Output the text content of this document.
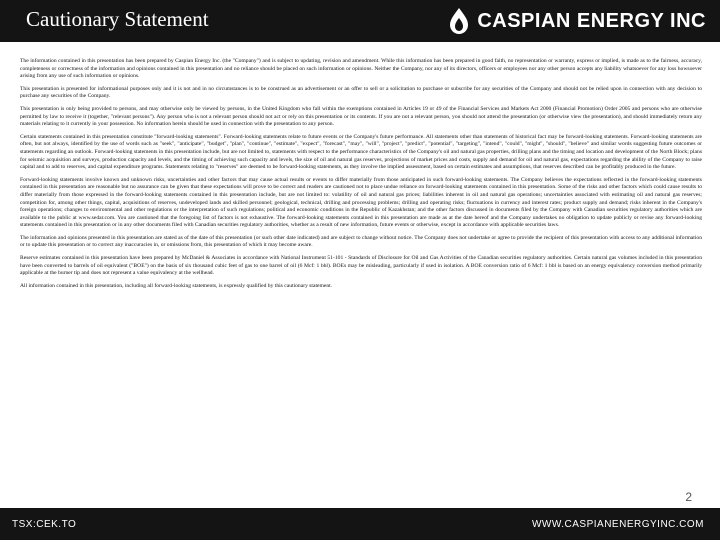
Cautionary Statement	CASPIAN ENERGY INC

The information contained in this presentation has been prepared by Caspian Energy Inc. (the "Company") and is subject to updating, revision and amendment. While this information has been prepared in good faith, no representation or warranty, express or implied, is made as to the fairness, accuracy, completeness or correctness of the information and opinions contained in this presentation and no reliance should be placed on such information or opinions. Neither the Company, nor any of its directors, officers or employees nor any other person accepts any liability whatsoever for any loss howsoever arising from any use of such information or opinions.

This presentation is presented for informational purposes only and it is not and in no circumstances is to be construed as an advertisement or an offer to sell or a solicitation to purchase or subscribe for any securities of the Company and should not be relied upon in connection with any decision to purchase any securities of the Company.

This presentation is only being provided to persons, and may otherwise only be viewed by persons, in the United Kingdom who fall within the exemptions contained in Articles 19 or 49 of the Financial Services and Markets Act 2000 (Financial Promotion) Order 2005 and persons who are otherwise permitted by law to receive it (together, "relevant persons"). Any person who is not a relevant person should not act or rely on this presentation or its contents. If you are not a relevant person, you should not attend the presentation (or otherwise view the presentation), and should immediately return any materials relating to it currently in your possession. No information herein should be used in connection with the presentation to any person.

Certain statements contained in this presentation constitute "forward-looking statements". Forward-looking statements relate to future events or the Company's future performance. All statements other than statements of historical fact may be forward-looking statements. Forward-looking statements are often, but not always, identified by the use of words such as "seek", "anticipate", "budget", "plan", "continue", "estimate", "expect", "forecast", "may", "will", "project", "predict", "potential", "targeting", "intend", "could", "might", "should", "believe" and similar words suggesting future outcomes or statements regarding an outlook. Forward-looking statements in this presentation include, but are not limited to, statements with respect to the performance characteristics of the Company's oil and natural gas properties, drilling plans and the timing and location and development of the North Block; plans for seismic acquisition and surveys, production capacity and levels, and the timing of achieving such capacity and levels, the size of oil and natural gas reserves, projections of market prices and costs, supply and demand for oil and natural gas, expectations regarding the ability of the Company to raise capital and to add to reserves, and capital expenditure programs. Statements relating to "reserves" are deemed to be forward-looking statements, as they involve the implied assessment, based on certain estimates and assumptions, that reserves described can be profitably produced in the future.

Forward-looking statements involve known and unknown risks, uncertainties and other factors that may cause actual results or events to differ materially from those anticipated in such forward-looking statements. The Company believes the expectations reflected in the forward-looking statements contained in this presentation are reasonable but no assurance can be given that these expectations will prove to be correct and readers are cautioned not to place undue reliance on forward-looking statements contained in this presentation. Some of the risks and other factors which could cause results to differ materially from those expressed in the forward-looking statements contained in this presentation include, but are not limited to: volatility of oil and natural gas prices; liabilities inherent in oil and natural gas operations; uncertainties associated with estimating oil and natural gas reserves; competition for, among other things, capital, acquisitions of reserves, undeveloped lands and skilled personnel; geological, technical, drilling and processing problems; drilling and operating risks; fluctuations in currency and interest rates; product supply and demand; risks inherent in the Company's foreign operations; changes to environmental and other regulations or the interpretation of such regulations; political and economic conditions in the Republic of Kazakhstan; and the other factors discussed in documents filed by the Company with Canadian securities regulatory authorities which are available to the public at www.sedar.com. You are cautioned that the foregoing list of factors is not exhaustive. The forward-looking statements contained in this presentation are made as at the date hereof and the Company undertakes no obligation to update publicly or revise any forward-looking statements contained in this presentation or in any other documents filed with Canadian securities regulatory authorities, whether as a result of new information, future events or otherwise, except in accordance with applicable securities laws.

The information and opinions presented in this presentation are stated as of the date of this presentation (or such other date indicated) and are subject to change without notice. The Company does not undertake or agree to provide the recipient of this presentation with access to any additional information or to update this presentation or to correct any inaccuracies in, or omissions from, this presentation of which it may become aware.

Reserve estimates contained in this presentation have been prepared by McDaniel & Associates in accordance with National Instrument 51-101 - Standards of Disclosure for Oil and Gas Activities of the Canadian securities regulatory authorities. Certain natural gas volumes included in this presentation have been converted to barrels of oil equivalent ("BOE") on the basis of six thousand cubic feet of gas to one barrel of oil (6 Mcf: 1 bbl). BOEs may be misleading, particularly if used in isolation. A BOE conversion ratio of 6 Mcf: 1 bbl is based on an energy equivalency conversion method primarily applicable at the burner tip and does not represent a value equivalency at the wellhead.

All information contained in this presentation, including all forward-looking statements, is expressly qualified by this cautionary statement.

2
TSX:CEK.TO	WWW.CASPIANENERGYINC.COM
